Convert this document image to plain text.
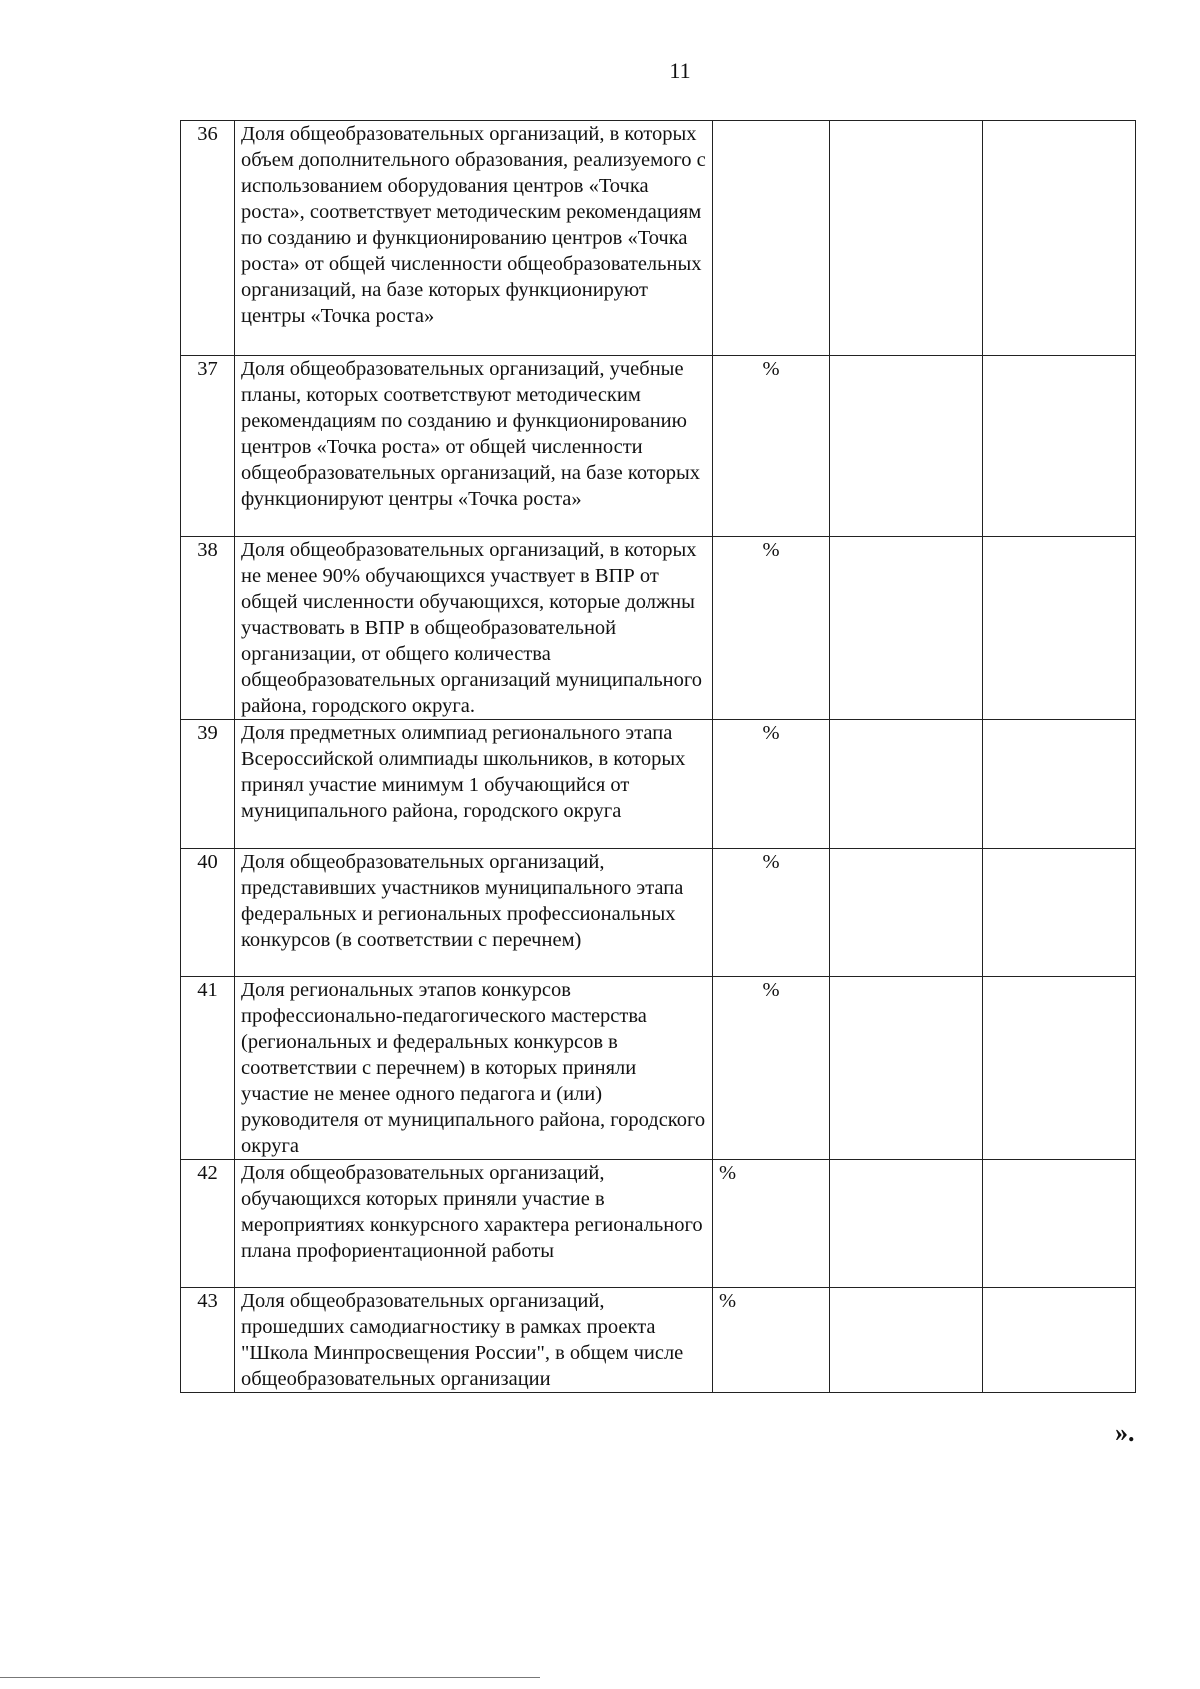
11
36	Доля общеобразовательных организаций, в которых объем дополнительного образования, реализуемого с использованием оборудования центров «Точка роста», соответствует методическим рекомендациям по созданию и функционированию центров «Точка роста» от общей численности общеобразовательных организаций, на базе которых функционируют центры «Точка роста»			
37	Доля общеобразовательных организаций, учебные планы, которых соответствуют методическим рекомендациям по созданию и функционированию центров «Точка роста» от общей численности общеобразовательных организаций, на базе которых функционируют центры «Точка роста»	%		
38	Доля общеобразовательных организаций, в которых не менее 90% обучающихся участвует в ВПР от общей численности обучающихся, которые должны участвовать в ВПР в общеобразовательной организации, от общего количества общеобразовательных организаций муниципального района, городского округа.	%		
39	Доля предметных олимпиад регионального этапа Всероссийской олимпиады школьников, в которых принял участие минимум 1 обучающийся от муниципального района, городского округа	%		
40	Доля общеобразовательных организаций, представивших участников муниципального этапа федеральных и региональных профессиональных конкурсов (в соответствии с перечнем)	%		
41	Доля региональных этапов конкурсов профессионально-педагогического мастерства (региональных и федеральных конкурсов в соответствии с перечнем) в которых приняли участие не менее одного педагога и (или) руководителя от муниципального района, городского округа	%		
42	Доля общеобразовательных организаций, обучающихся которых приняли участие в мероприятиях конкурсного характера регионального плана профориентационной работы	%		
43	Доля общеобразовательных организаций, прошедших самодиагностику в рамках проекта "Школа Минпросвещения России", в общем числе общеобразовательных организации	%		
».
